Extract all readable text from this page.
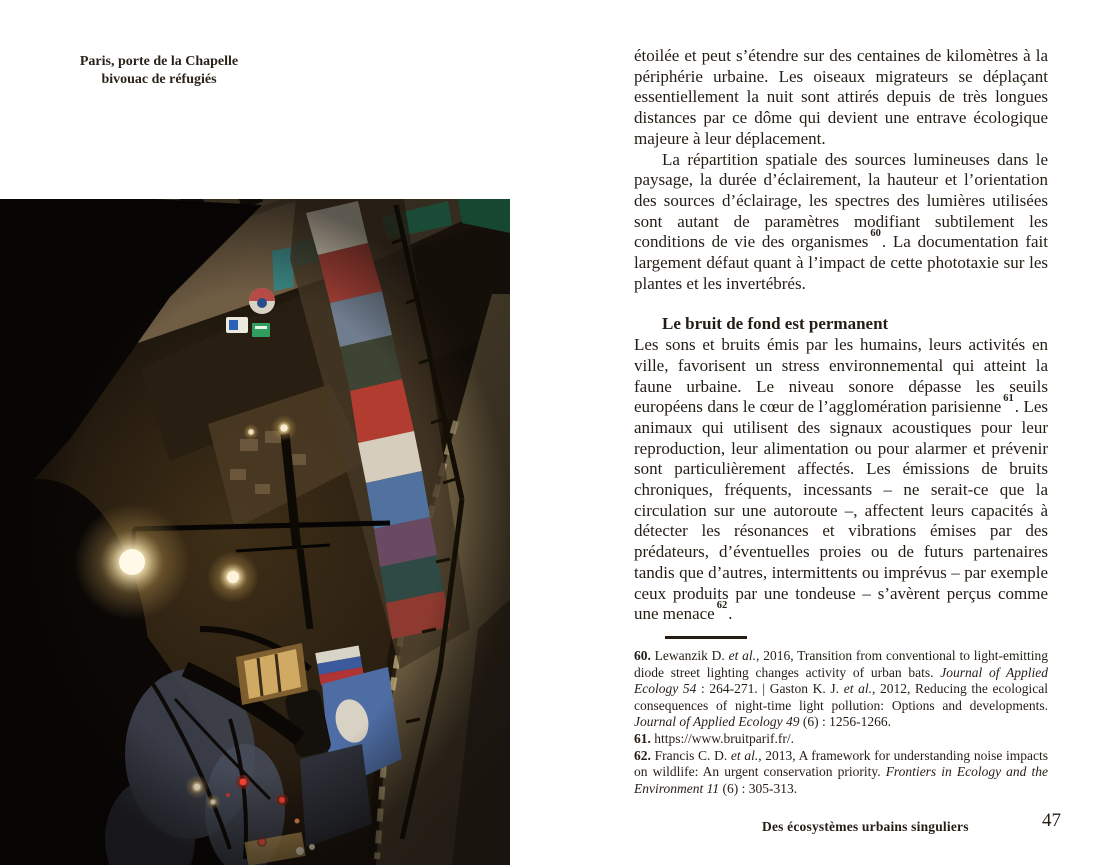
Paris, porte de la Chapelle
bivouac de réfugiés

étoilée et peut s’étendre sur des centaines de kilomètres à la périphérie urbaine. Les oiseaux migrateurs se déplaçant essentiellement la nuit sont attirés depuis de très longues distances par ce dôme qui devient une entrave écologique majeure à leur déplacement.

La répartition spatiale des sources lumineuses dans le paysage, la durée d’éclairement, la hauteur et l’orientation des sources d’éclairage, les spectres des lumières utilisées sont autant de paramètres modifiant subtilement les conditions de vie des organismes $^{60}$. La documentation fait largement défaut quant à l’impact de cette phototaxie sur les plantes et les invertébrés.

Le bruit de fond est permanent

Les sons et bruits émis par les humains, leurs activités en ville, favorisent un stress environnemental qui atteint la faune urbaine. Le niveau sonore dépasse les seuils européens dans le cœur de l’agglomération parisienne $^{61}$. Les animaux qui utilisent des signaux acoustiques pour leur reproduction, leur alimentation ou pour alarmer et prévenir sont particulièrement affectés. Les émissions de bruits chroniques, fréquents, incessants – ne serait-ce que la circulation sur une autoroute –, affectent leurs capacités à détecter les résonances et vibrations émises par des prédateurs, d’éventuelles proies ou de futurs partenaires tandis que d’autres, intermittents ou imprévus – par exemple ceux produits par une tondeuse – s’avèrent perçus comme une menace $^{62}$.

60. Lewanzik D. et al., 2016, Transition from conventional to light-emitting diode street lighting changes activity of urban bats. Journal of Applied Ecology 54 : 264-271. | Gaston K. J. et al., 2012, Reducing the ecological consequences of night-time light pollution: Options and developments. Journal of Applied Ecology 49 (6) : 1256-1266.

61. https://www.bruitparif.fr/.

62. Francis C. D. et al., 2013, A framework for understanding noise impacts on wildlife: An urgent conservation priority. Frontiers in Ecology and the Environment 11 (6) : 305-313.

Des écosystèmes urbains singuliers	47
